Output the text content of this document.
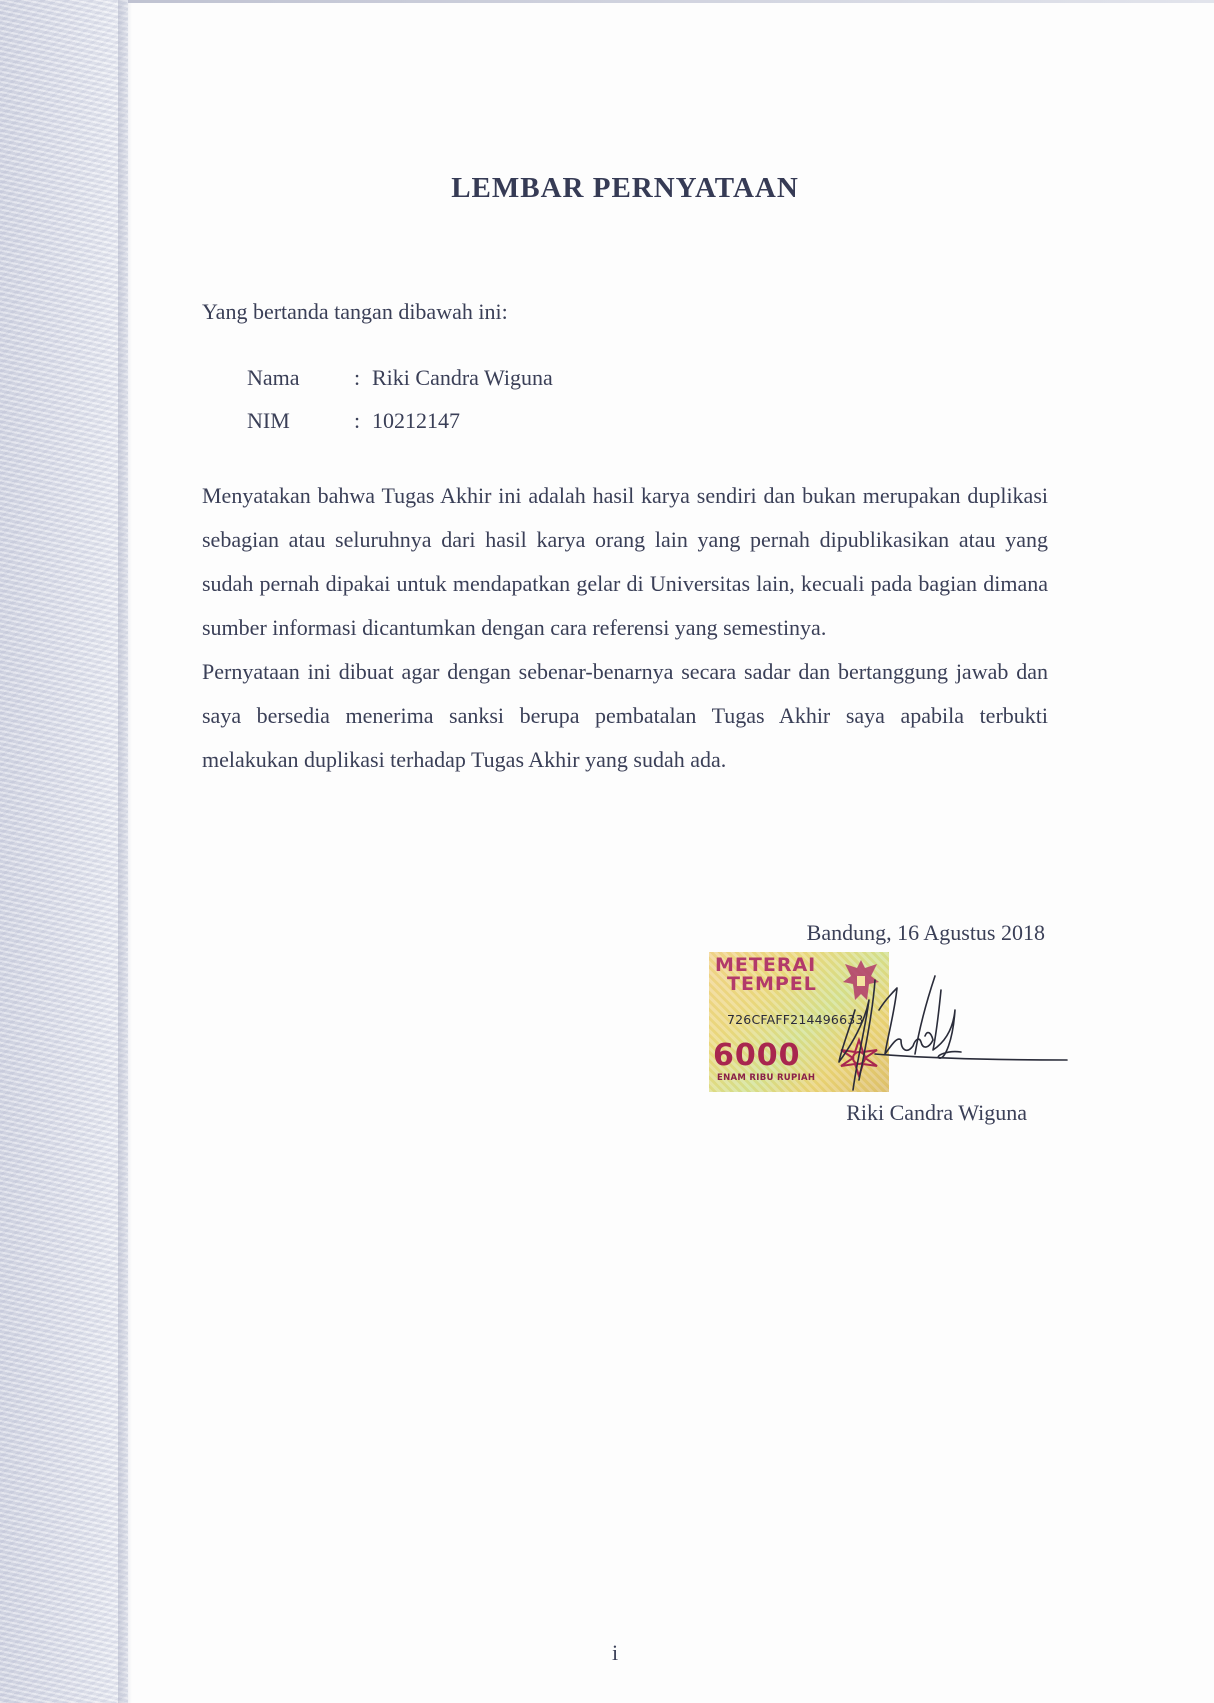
LEMBAR PERNYATAAN

Yang bertanda tangan dibawah ini:

Nama	: Riki Candra Wiguna
NIM	: 10212147

Menyatakan bahwa Tugas Akhir ini adalah hasil karya sendiri dan bukan merupakan duplikasi sebagian atau seluruhnya dari hasil karya orang lain yang pernah dipublikasikan atau yang sudah pernah dipakai untuk mendapatkan gelar di Universitas lain, kecuali pada bagian dimana sumber informasi dicantumkan dengan cara referensi yang semestinya.

Pernyataan ini dibuat agar dengan sebenar-benarnya secara sadar dan bertanggung jawab dan saya bersedia menerima sanksi berupa pembatalan Tugas Akhir saya apabila terbukti melakukan duplikasi terhadap Tugas Akhir yang sudah ada.

Bandung, 16 Agustus 2018
METERAI
TEMPEL
726CFAFF214496633
6000
ENAM RIBU RUPIAH
Riki Candra Wiguna
i
